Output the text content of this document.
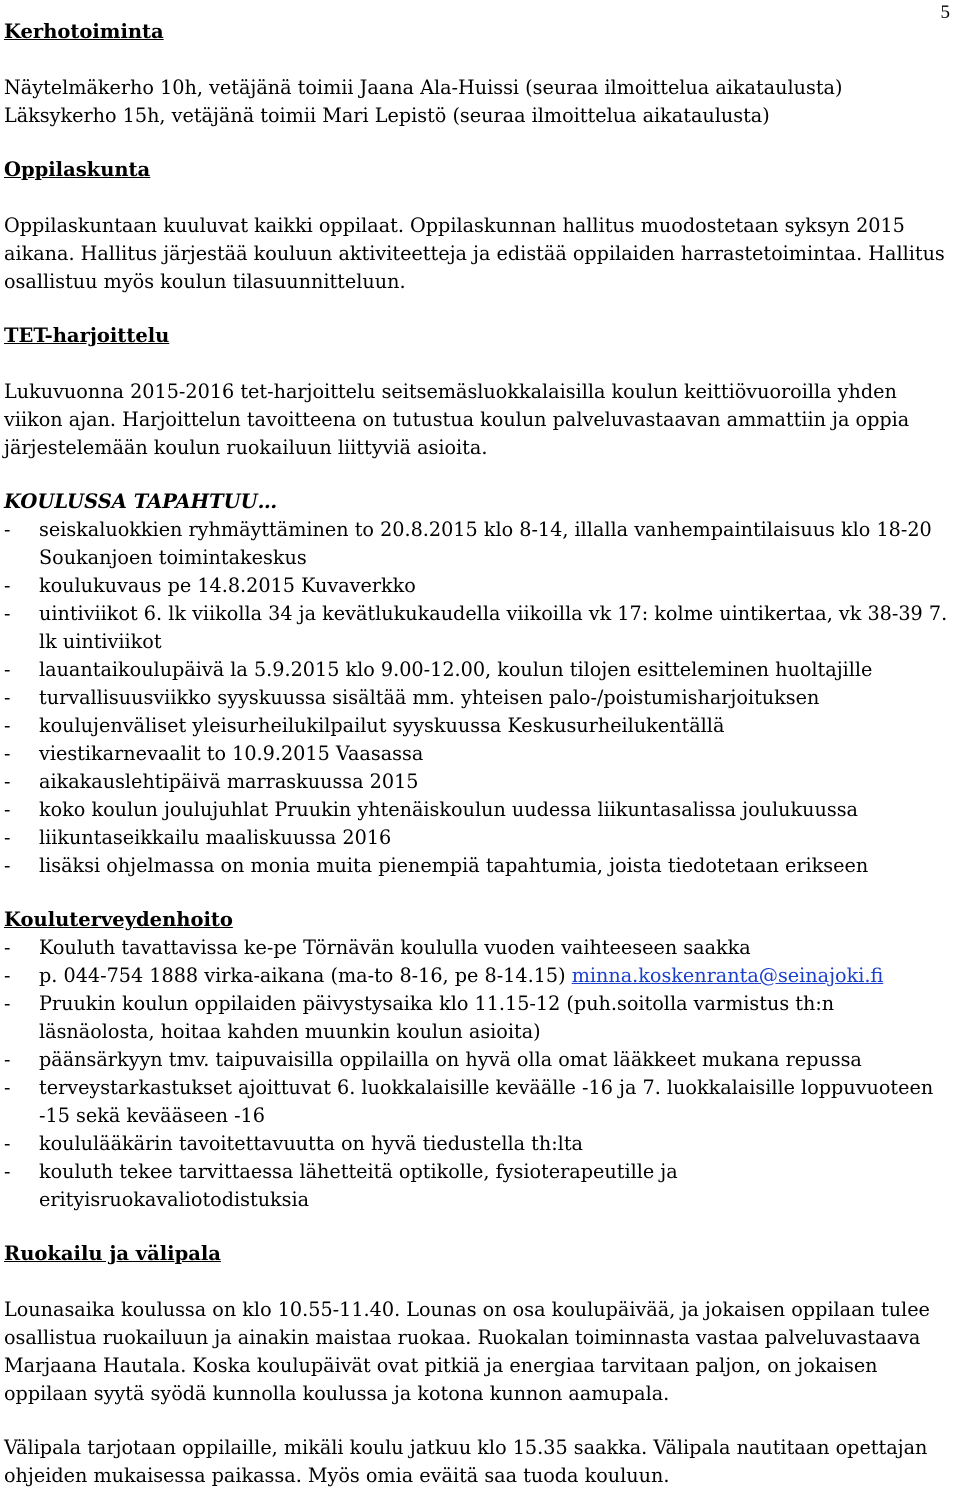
5
Kerhotoiminta

Näytelmäkerho 10h, vetäjänä toimii Jaana Ala-Huissi (seuraa ilmoittelua aikataulusta)

Läksykerho 15h, vetäjänä toimii Mari Lepistö (seuraa ilmoittelua aikataulusta)

Oppilaskunta

Oppilaskuntaan kuuluvat kaikki oppilaat. Oppilaskunnan hallitus muodostetaan syksyn 2015 aikana. Hallitus järjestää kouluun aktiviteetteja ja edistää oppilaiden harrastetoimintaa. Hallitus osallistuu myös koulun tilasuunnitteluun.

TET-harjoittelu

Lukuvuonna 2015-2016 tet-harjoittelu seitsemäsluokkalaisilla koulun keittiövuoroilla yhden viikon ajan. Harjoittelun tavoitteena on tutustua koulun palveluvastaavan ammattiin ja oppia järjestelemään koulun ruokailuun liittyviä asioita.

KOULUSSA TAPAHTUU…
- seiskaluokkien ryhmäyttäminen to 20.8.2015 klo 8-14, illalla vanhempaintilaisuus klo 18-20 Soukanjoen toimintakeskus
- koulukuvaus pe 14.8.2015 Kuvaverkko
- uintiviikot 6. lk viikolla 34 ja kevätlukukaudella viikoilla vk 17: kolme uintikertaa, vk 38-39 7. lk uintiviikot
- lauantaikoulupäivä la 5.9.2015 klo 9.00-12.00, koulun tilojen esitteleminen huoltajille
- turvallisuusviikko syyskuussa sisältää mm. yhteisen palo-/poistumisharjoituksen
- koulujenväliset yleisurheilukilpailut syyskuussa Keskusurheilukentällä
- viestikarnevaalit to 10.9.2015 Vaasassa
- aikakauslehtipäivä marraskuussa 2015
- koko koulun joulujuhlat Pruukin yhtenäiskoulun uudessa liikuntasalissa joulukuussa
- liikuntaseikkailu maaliskuussa 2016
- lisäksi ohjelmassa on monia muita pienempiä tapahtumia, joista tiedotetaan erikseen
Kouluterveydenhoito
- Kouluth tavattavissa ke-pe Törnävän koululla vuoden vaihteeseen saakka
- p. 044-754 1888 virka-aikana (ma-to 8-16, pe 8-14.15) minna.koskenranta@seinajoki.fi
- Pruukin koulun oppilaiden päivystysaika klo 11.15-12 (puh.soitolla varmistus th:n läsnäolosta, hoitaa kahden muunkin koulun asioita)
- päänsärkyyn tmv. taipuvaisilla oppilailla on hyvä olla omat lääkkeet mukana repussa
- terveystarkastukset ajoittuvat 6. luokkalaisille keväälle -16 ja 7. luokkalaisille loppuvuoteen -15 sekä kevääseen -16
- koululääkärin tavoitettavuutta on hyvä tiedustella th:lta
- kouluth tekee tarvittaessa lähetteitä optikolle, fysioterapeutille ja erityisruokavaliotodistuksia
Ruokailu ja välipala

Lounasaika koulussa on klo 10.55-11.40. Lounas on osa koulupäivää, ja jokaisen oppilaan tulee osallistua ruokailuun ja ainakin maistaa ruokaa. Ruokalan toiminnasta vastaa palveluvastaava Marjaana Hautala. Koska koulupäivät ovat pitkiä ja energiaa tarvitaan paljon, on jokaisen oppilaan syytä syödä kunnolla koulussa ja kotona kunnon aamupala.

Välipala tarjotaan oppilaille, mikäli koulu jatkuu klo 15.35 saakka. Välipala nautitaan opettajan ohjeiden mukaisessa paikassa. Myös omia eväitä saa tuoda kouluun.
